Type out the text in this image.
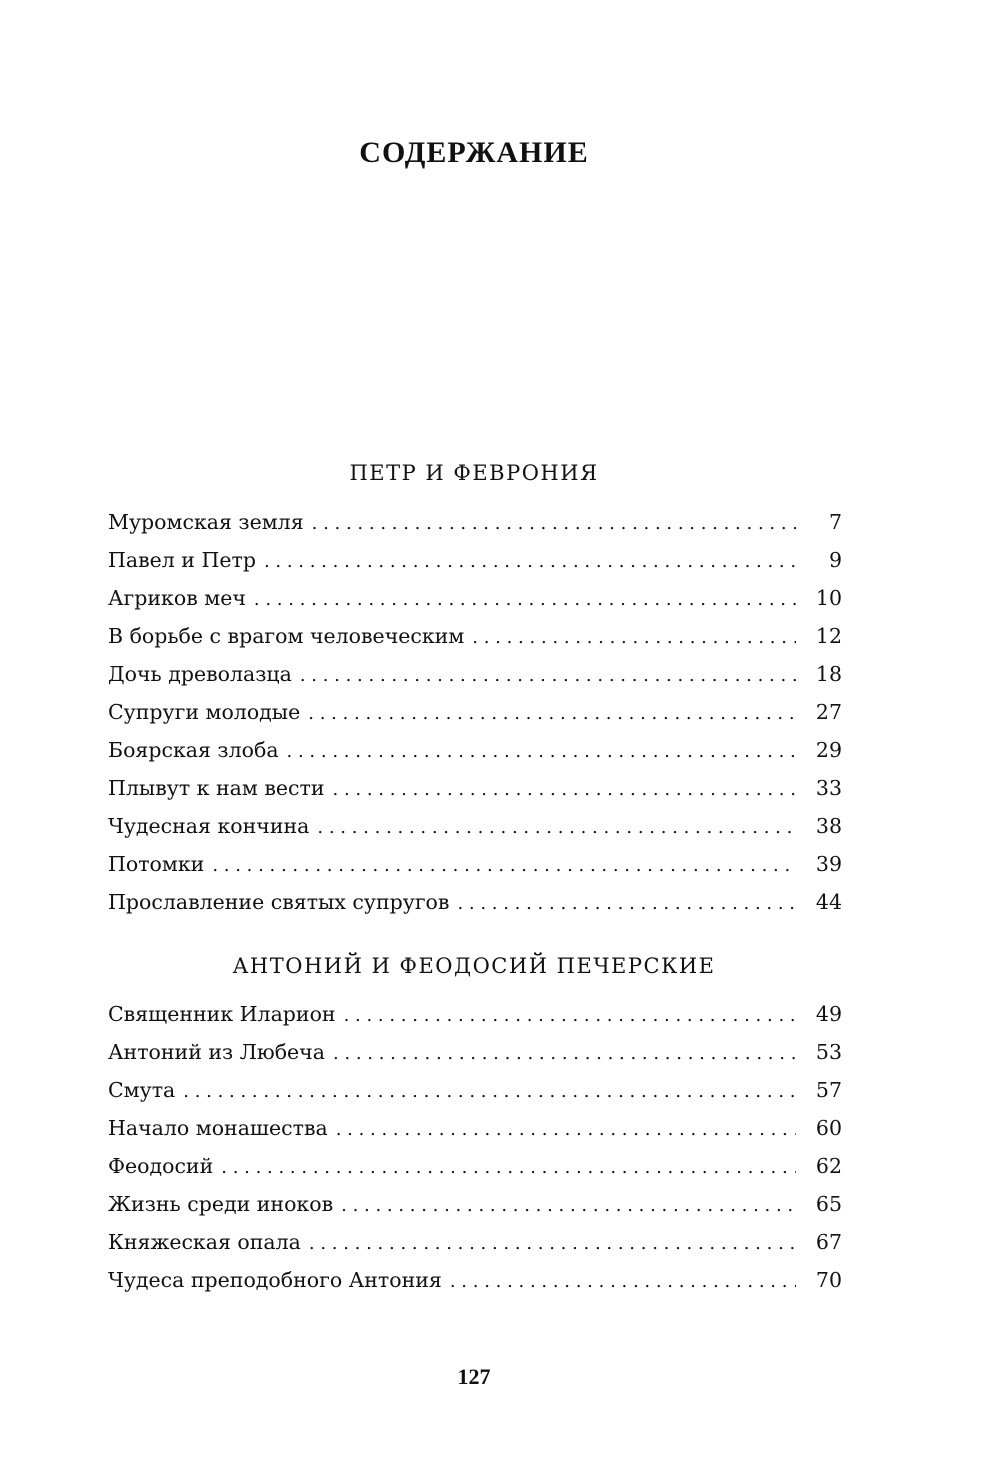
СОДЕРЖАНИЕ
ПЕТР И ФЕВРОНИЯ
Муромская земля . . .	7
Павел и Петр . . .	9
Агриков меч . . .	10
В борьбе с врагом человеческим . . .	12
Дочь древолазца . . .	18
Супруги молодые . . .	27
Боярская злоба . . .	29
Плывут к нам вести . . .	33
Чудесная кончина . . .	38
Потомки . . .	39
Прославление святых супругов . . .	44
АНТОНИЙ И ФЕОДОСИЙ ПЕЧЕРСКИЕ
Священник Иларион . . .	49
Антоний из Любеча . . .	53
Смута . . .	57
Начало монашества . . .	60
Феодосий . . .	62
Жизнь среди иноков . . .	65
Княжеская опала . . .	67
Чудеса преподобного Антония . . .	70
127
